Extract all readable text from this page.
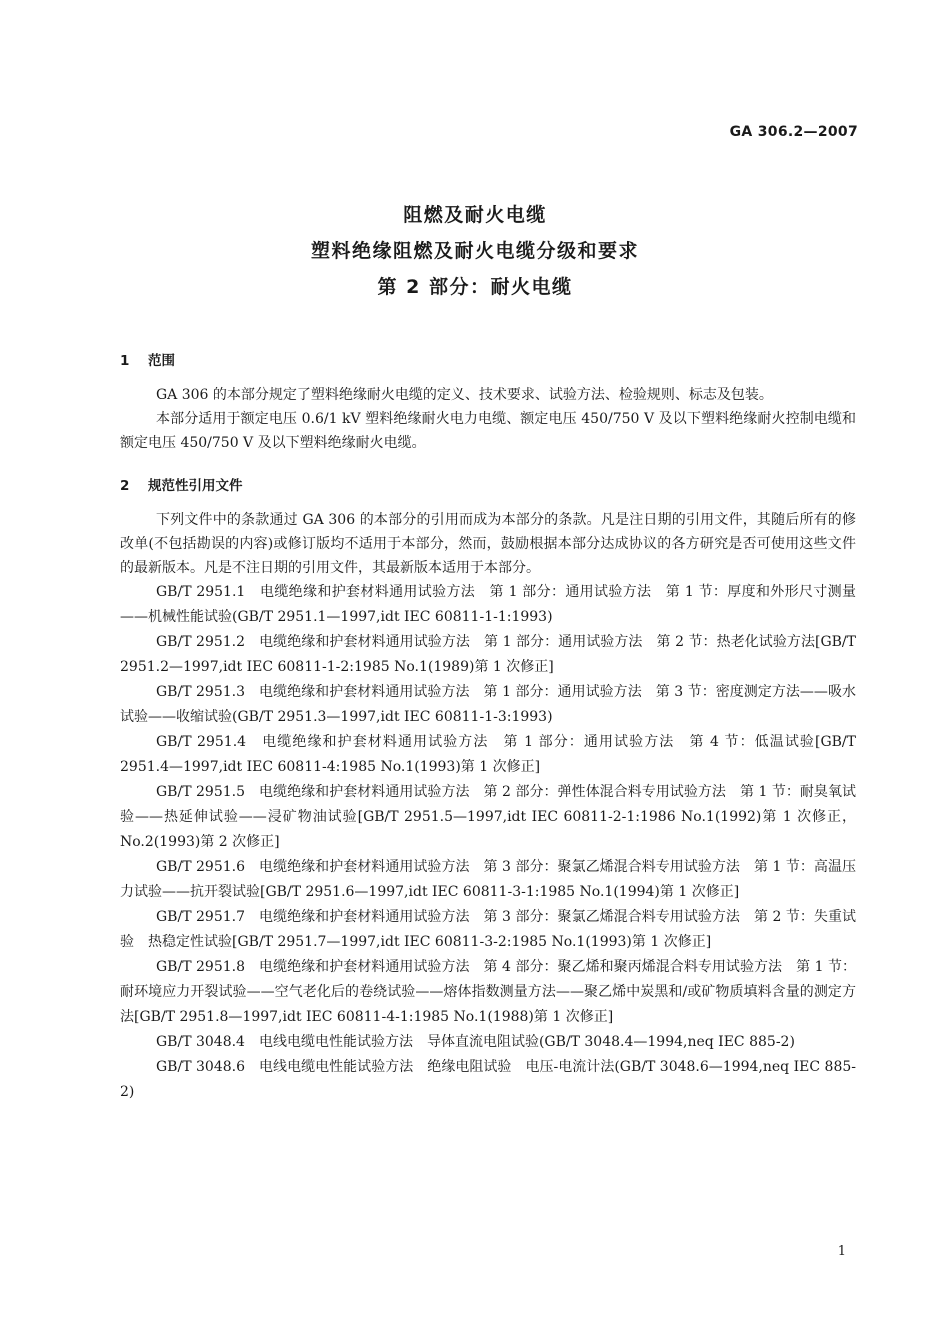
GA 306.2—2007
阻燃及耐火电缆
塑料绝缘阻燃及耐火电缆分级和要求
第 2 部分：耐火电缆
1 范围

GA 306 的本部分规定了塑料绝缘耐火电缆的定义、技术要求、试验方法、检验规则、标志及包装。

本部分适用于额定电压 0.6/1 kV 塑料绝缘耐火电力电缆、额定电压 450/750 V 及以下塑料绝缘耐火控制电缆和额定电压 450/750 V 及以下塑料绝缘耐火电缆。

2 规范性引用文件

下列文件中的条款通过 GA 306 的本部分的引用而成为本部分的条款。凡是注日期的引用文件，其随后所有的修改单(不包括勘误的内容)或修订版均不适用于本部分，然而，鼓励根据本部分达成协议的各方研究是否可使用这些文件的最新版本。凡是不注日期的引用文件，其最新版本适用于本部分。

GB/T 2951.1　电缆绝缘和护套材料通用试验方法　第 1 部分：通用试验方法　第 1 节：厚度和外形尺寸测量——机械性能试验(GB/T 2951.1—1997,idt IEC 60811-1-1:1993)

GB/T 2951.2　电缆绝缘和护套材料通用试验方法　第 1 部分：通用试验方法　第 2 节：热老化试验方法[GB/T 2951.2—1997,idt IEC 60811-1-2:1985 No.1(1989)第 1 次修正]

GB/T 2951.3　电缆绝缘和护套材料通用试验方法　第 1 部分：通用试验方法　第 3 节：密度测定方法——吸水试验——收缩试验(GB/T 2951.3—1997,idt IEC 60811-1-3:1993)

GB/T 2951.4　电缆绝缘和护套材料通用试验方法　第 1 部分：通用试验方法　第 4 节：低温试验[GB/T 2951.4—1997,idt IEC 60811-4:1985 No.1(1993)第 1 次修正]

GB/T 2951.5　电缆绝缘和护套材料通用试验方法　第 2 部分：弹性体混合料专用试验方法　第 1 节：耐臭氧试验——热延伸试验——浸矿物油试验[GB/T 2951.5—1997,idt IEC 60811-2-1:1986 No.1(1992)第 1 次修正，No.2(1993)第 2 次修正]

GB/T 2951.6　电缆绝缘和护套材料通用试验方法　第 3 部分：聚氯乙烯混合料专用试验方法　第 1 节：高温压力试验——抗开裂试验[GB/T 2951.6—1997,idt IEC 60811-3-1:1985 No.1(1994)第 1 次修正]

GB/T 2951.7　电缆绝缘和护套材料通用试验方法　第 3 部分：聚氯乙烯混合料专用试验方法　第 2 节：失重试验　热稳定性试验[GB/T 2951.7—1997,idt IEC 60811-3-2:1985 No.1(1993)第 1 次修正]

GB/T 2951.8　电缆绝缘和护套材料通用试验方法　第 4 部分：聚乙烯和聚丙烯混合料专用试验方法　第 1 节：耐环境应力开裂试验——空气老化后的卷绕试验——熔体指数测量方法——聚乙烯中炭黑和/或矿物质填料含量的测定方法[GB/T 2951.8—1997,idt IEC 60811-4-1:1985 No.1(1988)第 1 次修正]

GB/T 3048.4　电线电缆电性能试验方法　导体直流电阻试验(GB/T 3048.4—1994,neq IEC 885-2)

GB/T 3048.6　电线电缆电性能试验方法　绝缘电阻试验　电压-电流计法(GB/T 3048.6—1994,neq IEC 885-2)

1
